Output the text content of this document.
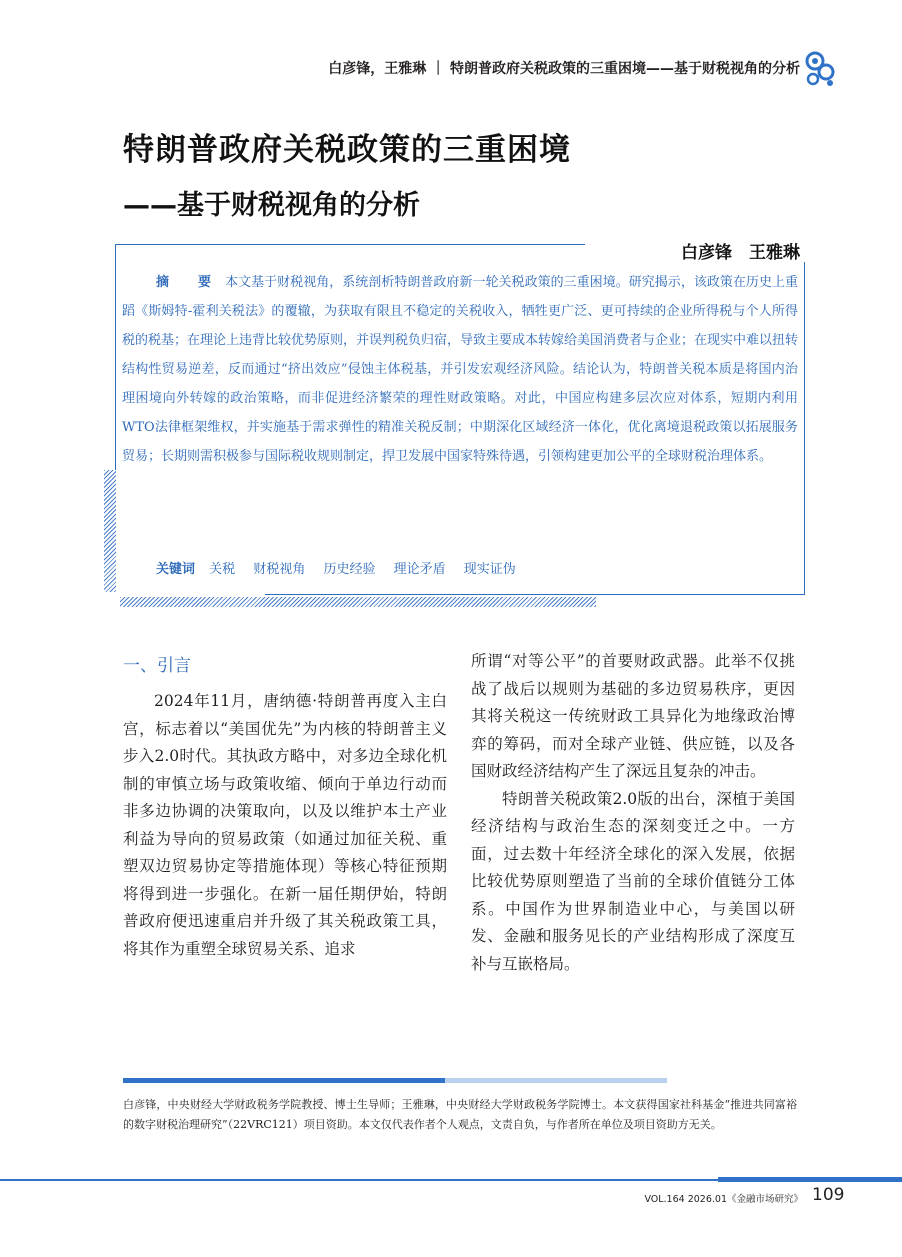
白彦锋，王雅琳 ｜ 特朗普政府关税政策的三重困境——基于财税视角的分析
特朗普政府关税政策的三重困境
——基于财税视角的分析
白彦锋　王雅琳
摘　要 本文基于财税视角，系统剖析特朗普政府新一轮关税政策的三重困境。研究揭示，该政策在历史上重蹈《斯姆特-霍利关税法》的覆辙，为获取有限且不稳定的关税收入，牺牲更广泛、更可持续的企业所得税与个人所得税的税基；在理论上违背比较优势原则，并误判税负归宿，导致主要成本转嫁给美国消费者与企业；在现实中难以扭转结构性贸易逆差，反而通过“挤出效应”侵蚀主体税基，并引发宏观经济风险。结论认为，特朗普关税本质是将国内治理困境向外转嫁的政治策略，而非促进经济繁荣的理性财政策略。对此，中国应构建多层次应对体系，短期内利用WTO法律框架维权，并实施基于需求弹性的精准关税反制；中期深化区域经济一体化，优化离境退税政策以拓展服务贸易；长期则需积极参与国际税收规则制定，捍卫发展中国家特殊待遇，引领构建更加公平的全球财税治理体系。
关键词 关税 财税视角 历史经验 理论矛盾 现实证伪
一、引言

2024年11月，唐纳德·特朗普再度入主白宫，标志着以“美国优先”为内核的特朗普主义步入2.0时代。其执政方略中，对多边全球化机制的审慎立场与政策收缩、倾向于单边行动而非多边协调的决策取向，以及以维护本土产业利益为导向的贸易政策（如通过加征关税、重塑双边贸易协定等措施体现）等核心特征预期将得到进一步强化。在新一届任期伊始，特朗普政府便迅速重启并升级了其关税政策工具，将其作为重塑全球贸易关系、追求

所谓“对等公平”的首要财政武器。此举不仅挑战了战后以规则为基础的多边贸易秩序，更因其将关税这一传统财政工具异化为地缘政治博弈的筹码，而对全球产业链、供应链，以及各国财政经济结构产生了深远且复杂的冲击。

特朗普关税政策2.0版的出台，深植于美国经济结构与政治生态的深刻变迁之中。一方面，过去数十年经济全球化的深入发展，依据比较优势原则塑造了当前的全球价值链分工体系。中国作为世界制造业中心，与美国以研发、金融和服务见长的产业结构形成了深度互补与互嵌格局。

白彦锋，中央财经大学财政税务学院教授、博士生导师；王雅琳，中央财经大学财政税务学院博士。本文获得国家社科基金“推进共同富裕的数字财税治理研究”（22VRC121）项目资助。本文仅代表作者个人观点，文责自负，与作者所在单位及项目资助方无关。
VOL.164 2026.01《金融市场研究》 109
